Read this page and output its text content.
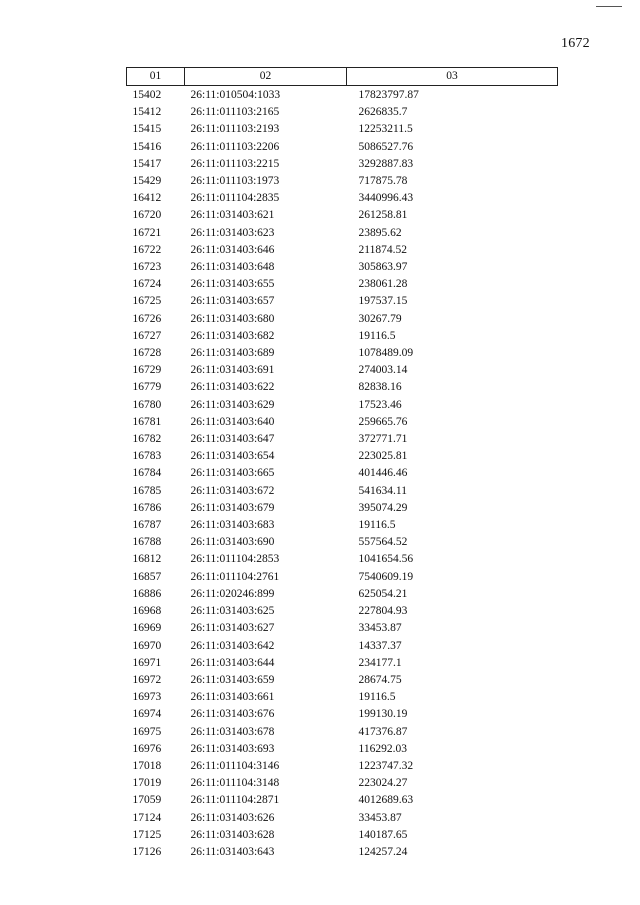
1672
01	02	03
15402	26:11:010504:1033	17823797.87
15412	26:11:011103:2165	2626835.7
15415	26:11:011103:2193	12253211.5
15416	26:11:011103:2206	5086527.76
15417	26:11:011103:2215	3292887.83
15429	26:11:011103:1973	717875.78
16412	26:11:011104:2835	3440996.43
16720	26:11:031403:621	261258.81
16721	26:11:031403:623	23895.62
16722	26:11:031403:646	211874.52
16723	26:11:031403:648	305863.97
16724	26:11:031403:655	238061.28
16725	26:11:031403:657	197537.15
16726	26:11:031403:680	30267.79
16727	26:11:031403:682	19116.5
16728	26:11:031403:689	1078489.09
16729	26:11:031403:691	274003.14
16779	26:11:031403:622	82838.16
16780	26:11:031403:629	17523.46
16781	26:11:031403:640	259665.76
16782	26:11:031403:647	372771.71
16783	26:11:031403:654	223025.81
16784	26:11:031403:665	401446.46
16785	26:11:031403:672	541634.11
16786	26:11:031403:679	395074.29
16787	26:11:031403:683	19116.5
16788	26:11:031403:690	557564.52
16812	26:11:011104:2853	1041654.56
16857	26:11:011104:2761	7540609.19
16886	26:11:020246:899	625054.21
16968	26:11:031403:625	227804.93
16969	26:11:031403:627	33453.87
16970	26:11:031403:642	14337.37
16971	26:11:031403:644	234177.1
16972	26:11:031403:659	28674.75
16973	26:11:031403:661	19116.5
16974	26:11:031403:676	199130.19
16975	26:11:031403:678	417376.87
16976	26:11:031403:693	116292.03
17018	26:11:011104:3146	1223747.32
17019	26:11:011104:3148	223024.27
17059	26:11:011104:2871	4012689.63
17124	26:11:031403:626	33453.87
17125	26:11:031403:628	140187.65
17126	26:11:031403:643	124257.24
